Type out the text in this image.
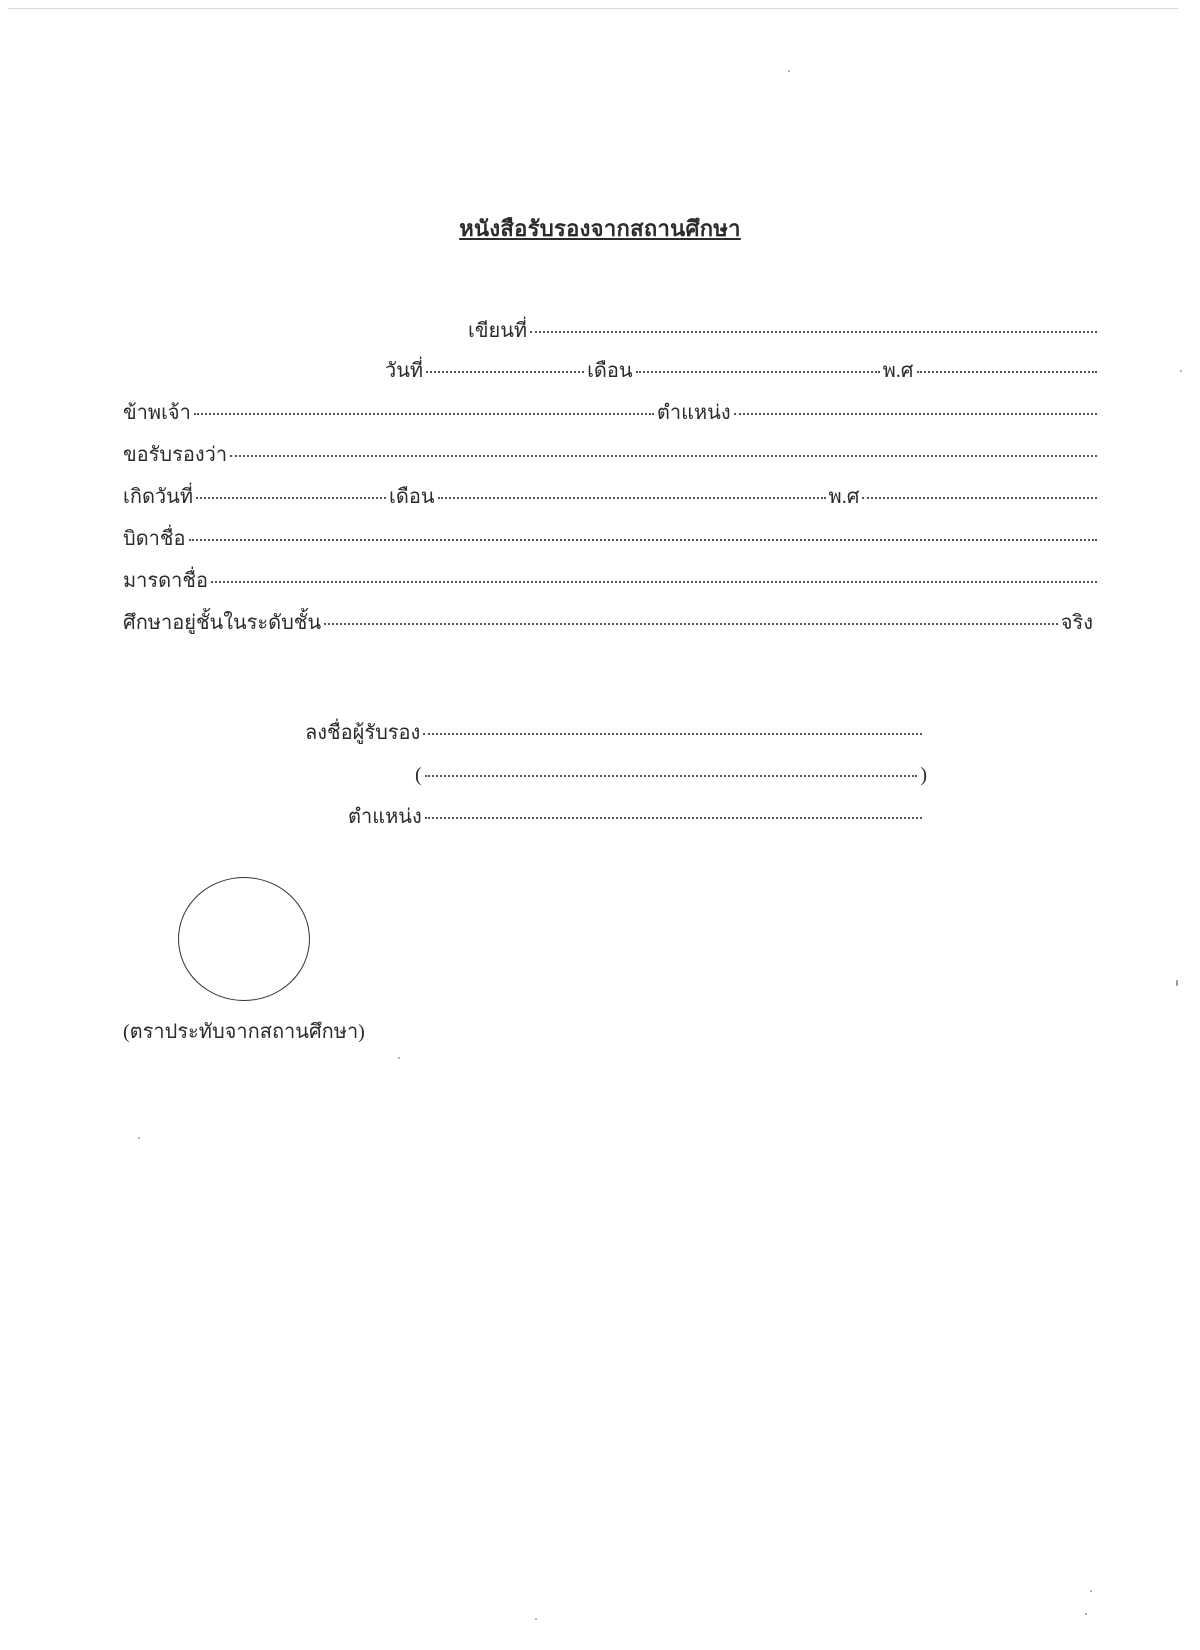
หนังสือรับรองจากสถานศึกษา
เขียนที่
วันที่	เดือน	พ.ศ
ข้าพเจ้า	ตำแหน่ง
ขอรับรองว่า
เกิดวันที่	เดือน	พ.ศ
บิดาชื่อ
มารดาชื่อ
ศึกษาอยู่ชั้นในระดับชั้น	จริง
ลงชื่อผู้รับรอง
(	)
ตำแหน่ง
(ตราประทับจากสถานศึกษา)
